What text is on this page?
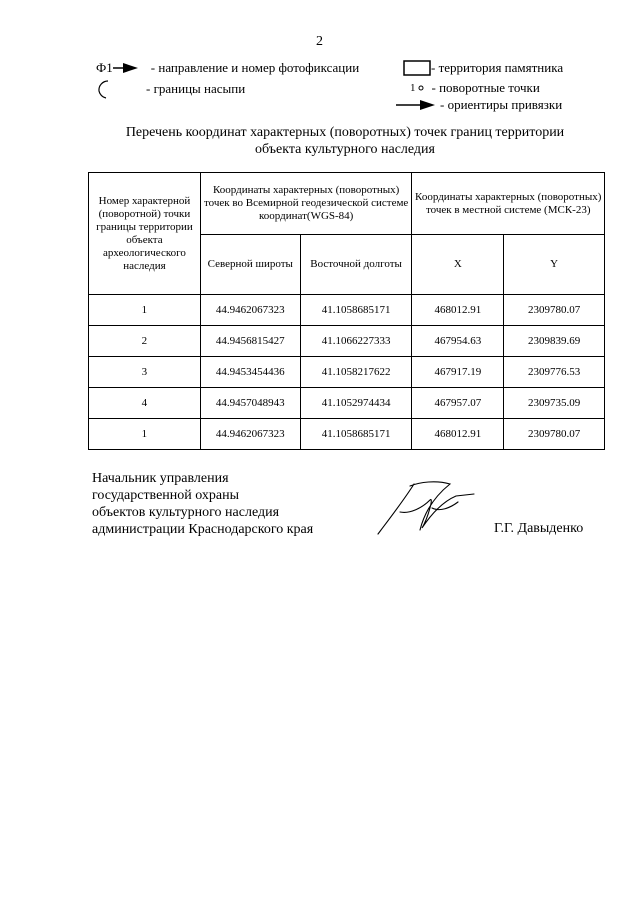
2
Ф1	- направление и номер фотофиксации
- границы насыпи
- территория памятника
1 - поворотные точки
- ориентиры привязки
Перечень координат характерных (поворотных) точек границ территории
объекта культурного наследия
Номер характерной (поворотной) точки границы территории объекта археологического наследия	Координаты характерных (поворотных) точек во Всемирной геодезической системе координат(WGS-84)		Координаты характерных (поворотных) точек в местной системе (МСК-23)	
	Северной широты	Восточной долготы	X	Y
1	44.9462067323	41.1058685171	468012.91	2309780.07
2	44.9456815427	41.1066227333	467954.63	2309839.69
3	44.9453454436	41.1058217622	467917.19	2309776.53
4	44.9457048943	41.1052974434	467957.07	2309735.09
1	44.9462067323	41.1058685171	468012.91	2309780.07
Начальник управления
государственной охраны
объектов культурного наследия
администрации Краснодарского края	Г.Г. Давыденко
